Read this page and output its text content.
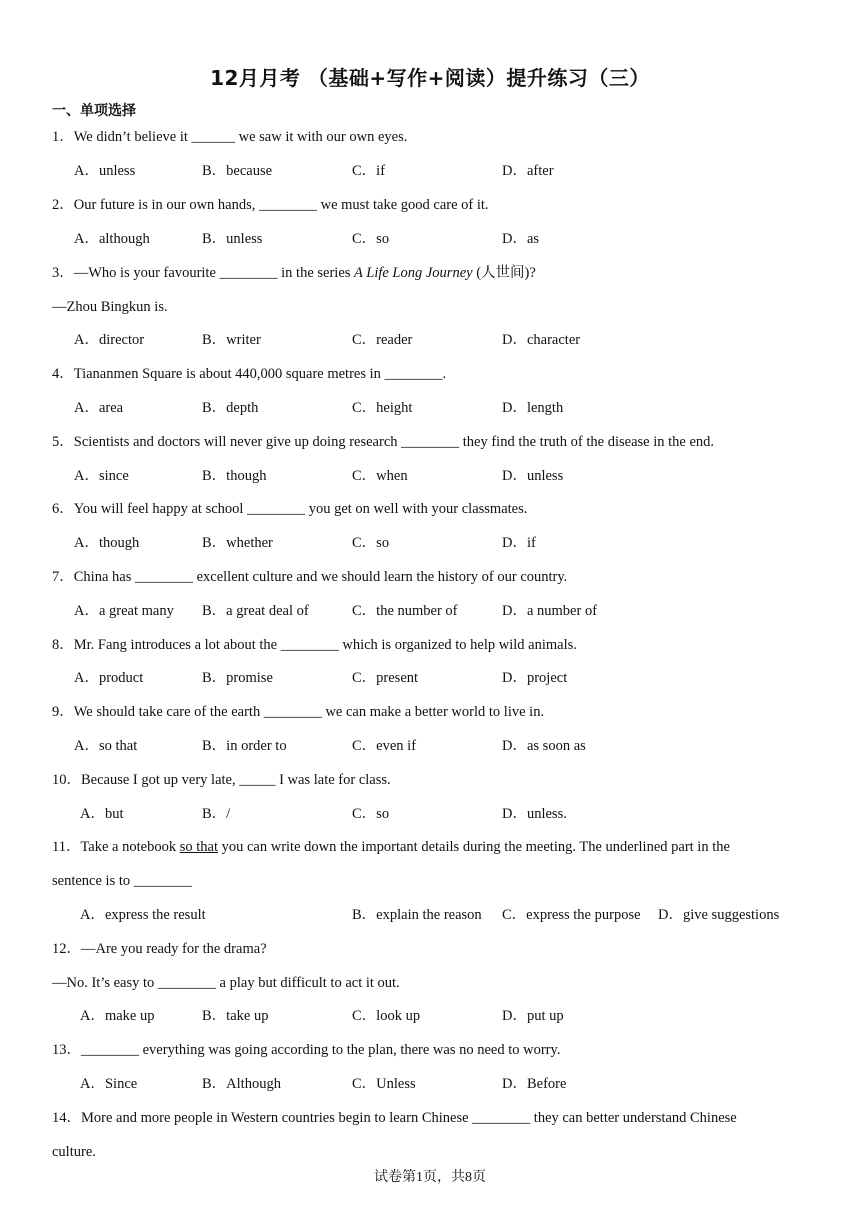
12月月考 （基础+写作+阅读）提升练习（三）
一、单项选择
1．We didn’t believe it ______ we saw it with our own eyes.
A．unless	B．because	C．if	D．after
2．Our future is in our own hands, ________ we must take good care of it.
A．although	B．unless	C．so	D．as
3．—Who is your favourite ________ in the series A Life Long Journey (人世间)?
—Zhou Bingkun is.
A．director	B．writer	C．reader	D．character
4．Tiananmen Square is about 440,000 square metres in ________.
A．area	B．depth	C．height	D．length
5．Scientists and doctors will never give up doing research ________ they find the truth of the disease in the end.
A．since	B．though	C．when	D．unless
6．You will feel happy at school ________ you get on well with your classmates.
A．though	B．whether	C．so	D．if
7．China has ________ excellent culture and we should learn the history of our country.
A．a great many B．a great deal of	C．the number of	D．a number of
8．Mr. Fang introduces a lot about the ________ which is organized to help wild animals.
A．product	B．promise	C．present	D．project
9．We should take care of the earth ________ we can make a better world to live in.
A．so that	B．in order to	C．even if	D．as soon as
10．Because I got up very late, _____ I was late for class.
A．but	B．/	C．so	D．unless.
11．Take a notebook so that you can write down the important details during the meeting. The underlined part in the
sentence is to ________
A．express the result	B．explain the reason C．express the purpose D．give suggestions
12．—Are you ready for the drama?
—No. It’s easy to ________ a play but difficult to act it out.
A．make up	B．take up	C．look up	D．put up
13．________ everything was going according to the plan, there was no need to worry.
A．Since	B．Although	C．Unless	D．Before
14．More and more people in Western countries begin to learn Chinese ________ they can better understand Chinese
culture.
试卷第1页，共8页
